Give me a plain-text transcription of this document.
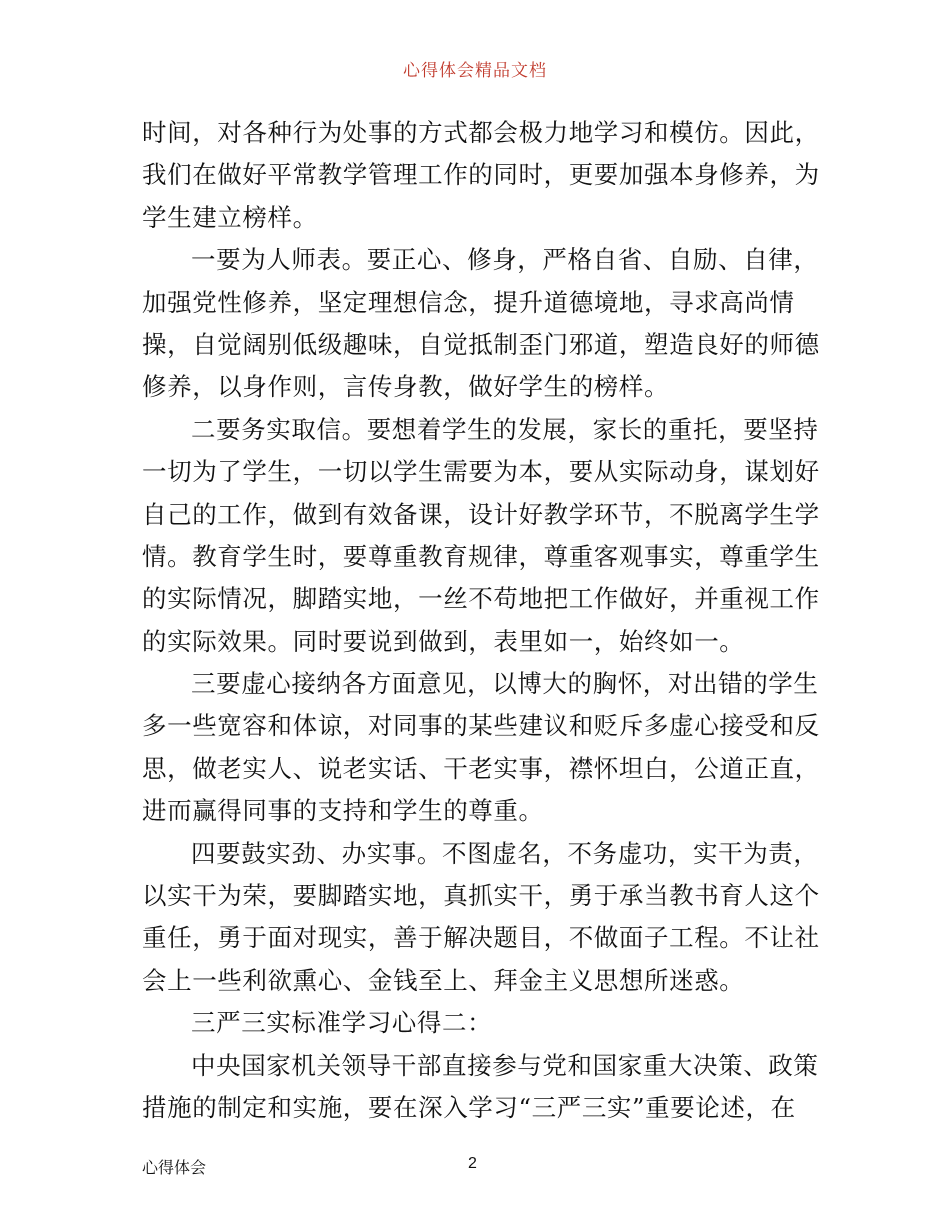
心得体会精品文档
时间，对各种行为处事的方式都会极力地学习和模仿。因此，
我们在做好平常教学管理工作的同时，更要加强本身修养，为
学生建立榜样。
一要为人师表。要正心、修身，严格自省、自励、自律，
加强党性修养，坚定理想信念，提升道德境地，寻求高尚情
操，自觉阔别低级趣味，自觉抵制歪门邪道，塑造良好的师德
修养，以身作则，言传身教，做好学生的榜样。
二要务实取信。要想着学生的发展，家长的重托，要坚持
一切为了学生，一切以学生需要为本，要从实际动身，谋划好
自己的工作，做到有效备课，设计好教学环节，不脱离学生学
情。教育学生时，要尊重教育规律，尊重客观事实，尊重学生
的实际情况，脚踏实地，一丝不苟地把工作做好，并重视工作
的实际效果。同时要说到做到，表里如一，始终如一。
三要虚心接纳各方面意见，以博大的胸怀，对出错的学生
多一些宽容和体谅，对同事的某些建议和贬斥多虚心接受和反
思，做老实人、说老实话、干老实事，襟怀坦白，公道正直，
进而赢得同事的支持和学生的尊重。
四要鼓实劲、办实事。不图虚名，不务虚功，实干为责，
以实干为荣，要脚踏实地，真抓实干，勇于承当教书育人这个
重任，勇于面对现实，善于解决题目，不做面子工程。不让社
会上一些利欲熏心、金钱至上、拜金主义思想所迷惑。
三严三实标准学习心得二：
中央国家机关领导干部直接参与党和国家重大决策、政策
措施的制定和实施，要在深入学习“三严三实”重要论述，在
心得体会	2
